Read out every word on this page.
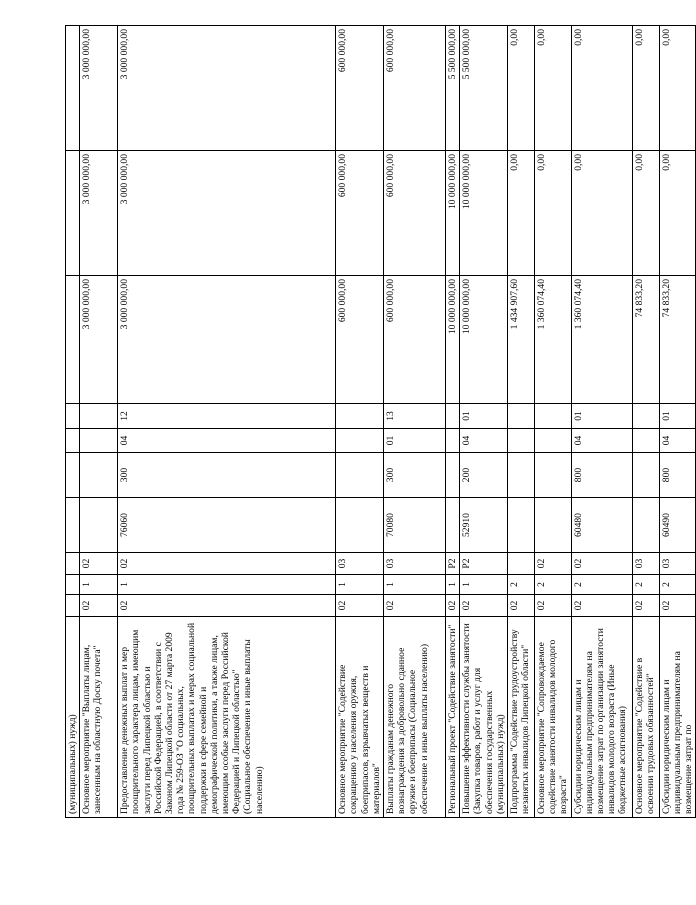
(муниципальных) нужд)										
Основное мероприятие "Выплаты лицам, занесенным на областную Доску почета"	02	1	02					3 000 000,00	3 000 000,00	3 000 000,00
Предоставление денежных выплат и мер поощрительного характера лицам, имеющим заслуги перед Липецкой областью и Российской Федерацией, в соответствии с Законом Липецкой области от 27 марта 2009 года № 259-ОЗ "О социальных, поощрительных выплатах и мерах социальной поддержки в сфере семейной и демографической политики, а также лицам, имеющим особые заслуги перед Российской Федерацией и Липецкой областью" (Социальное обеспечение и иные выплаты населению)	02	1	02	76060	300	04	12	3 000 000,00	3 000 000,00	3 000 000,00
Основное мероприятие "Содействие сокращению у населения оружия, боеприпасов, взрывчатых веществ и материалов"	02	1	03					600 000,00	600 000,00	600 000,00
Выплаты гражданам денежного вознаграждения за добровольно сданное оружие и боеприпасы (Социальное обеспечение и иные выплаты населению)	02	1	03	70080	300	01	13	600 000,00	600 000,00	600 000,00
Региональный проект "Содействие занятости"	02	1	P2					10 000 000,00	10 000 000,00	5 500 000,00
Повышение эффективности службы занятости (Закупка товаров, работ и услуг для обеспечения государственных (муниципальных) нужд)	02	1	P2	52910	200	04	01	10 000 000,00	10 000 000,00	5 500 000,00
Подпрограмма "Содействие трудоустройству незанятых инвалидов Липецкой области"	02	2						1 434 907,60	0,00	0,00
Основное мероприятие "Сопровождаемое содействие занятости инвалидов молодого возраста"	02	2	02					1 360 074,40	0,00	0,00
Субсидии юридическим лицам и индивидуальным предпринимателям на возмещение затрат по организации занятости инвалидов молодого возраста (Иные бюджетные ассигнования)	02	2	02	60480	800	04	01	1 360 074,40	0,00	0,00
Основное мероприятие "Содействие в освоении трудовых обязанностей"	02	2	03					74 833,20	0,00	0,00
Субсидии юридическим лицам и индивидуальным предпринимателям на возмещение затрат по	02	2	03	60490	800	04	01	74 833,20	0,00	0,00
